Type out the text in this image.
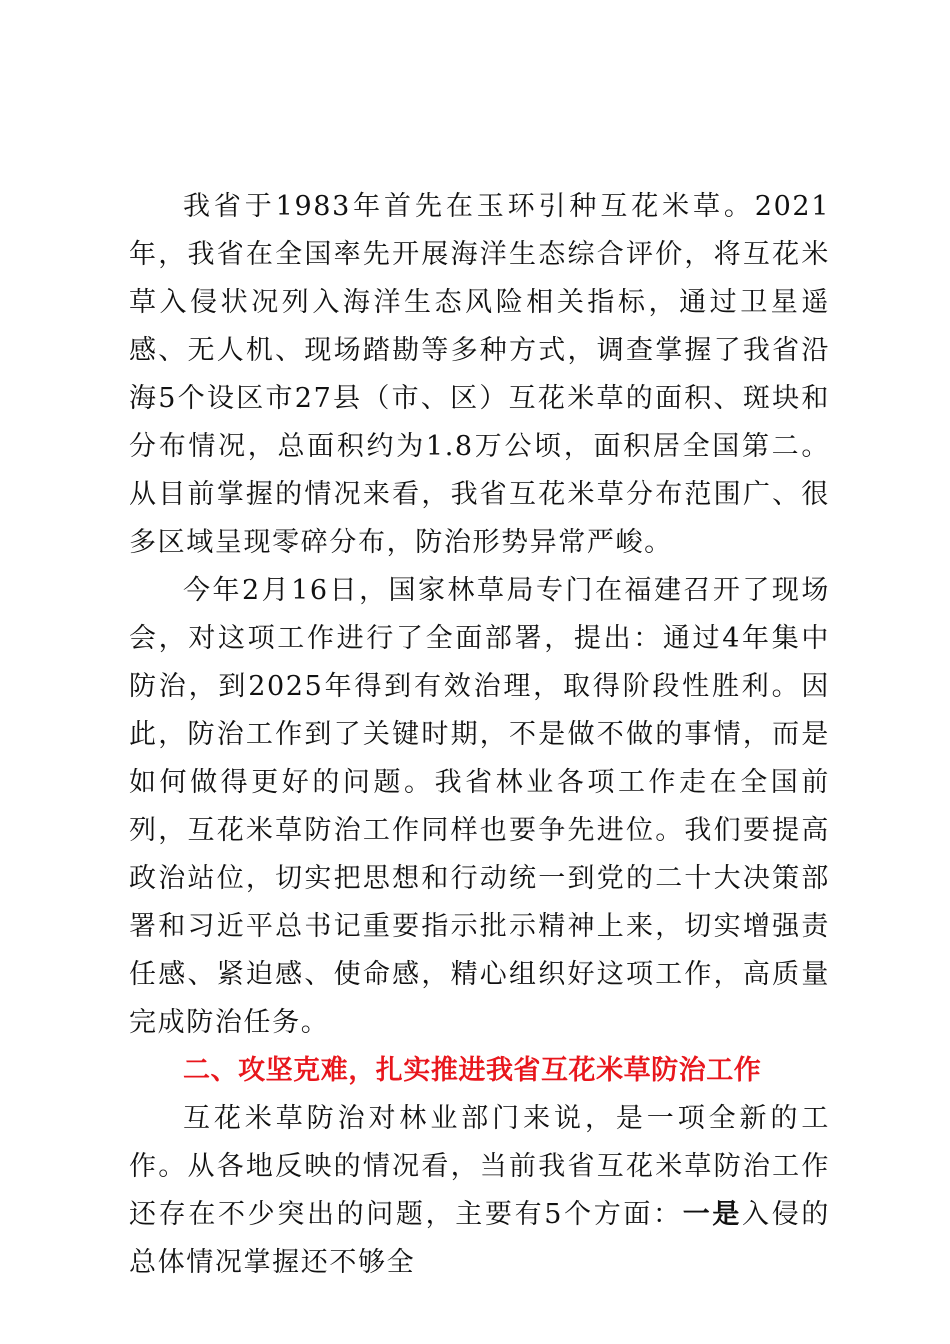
我省于1983年首先在玉环引种互花米草。2021年，我省在全国率先开展海洋生态综合评价，将互花米草入侵状况列入海洋生态风险相关指标，通过卫星遥感、无人机、现场踏勘等多种方式，调查掌握了我省沿海5个设区市27县（市、区）互花米草的面积、斑块和分布情况，总面积约为1.8万公顷，面积居全国第二。从目前掌握的情况来看，我省互花米草分布范围广、很多区域呈现零碎分布，防治形势异常严峻。

今年2月16日，国家林草局专门在福建召开了现场会，对这项工作进行了全面部署，提出：通过4年集中防治，到2025年得到有效治理，取得阶段性胜利。因此，防治工作到了关键时期，不是做不做的事情，而是如何做得更好的问题。我省林业各项工作走在全国前列，互花米草防治工作同样也要争先进位。我们要提高政治站位，切实把思想和行动统一到党的二十大决策部署和习近平总书记重要指示批示精神上来，切实增强责任感、紧迫感、使命感，精心组织好这项工作，高质量完成防治任务。

二、攻坚克难，扎实推进我省互花米草防治工作

互花米草防治对林业部门来说，是一项全新的工作。从各地反映的情况看，当前我省互花米草防治工作还存在不少突出的问题，主要有5个方面：一是入侵的总体情况掌握还不够全
